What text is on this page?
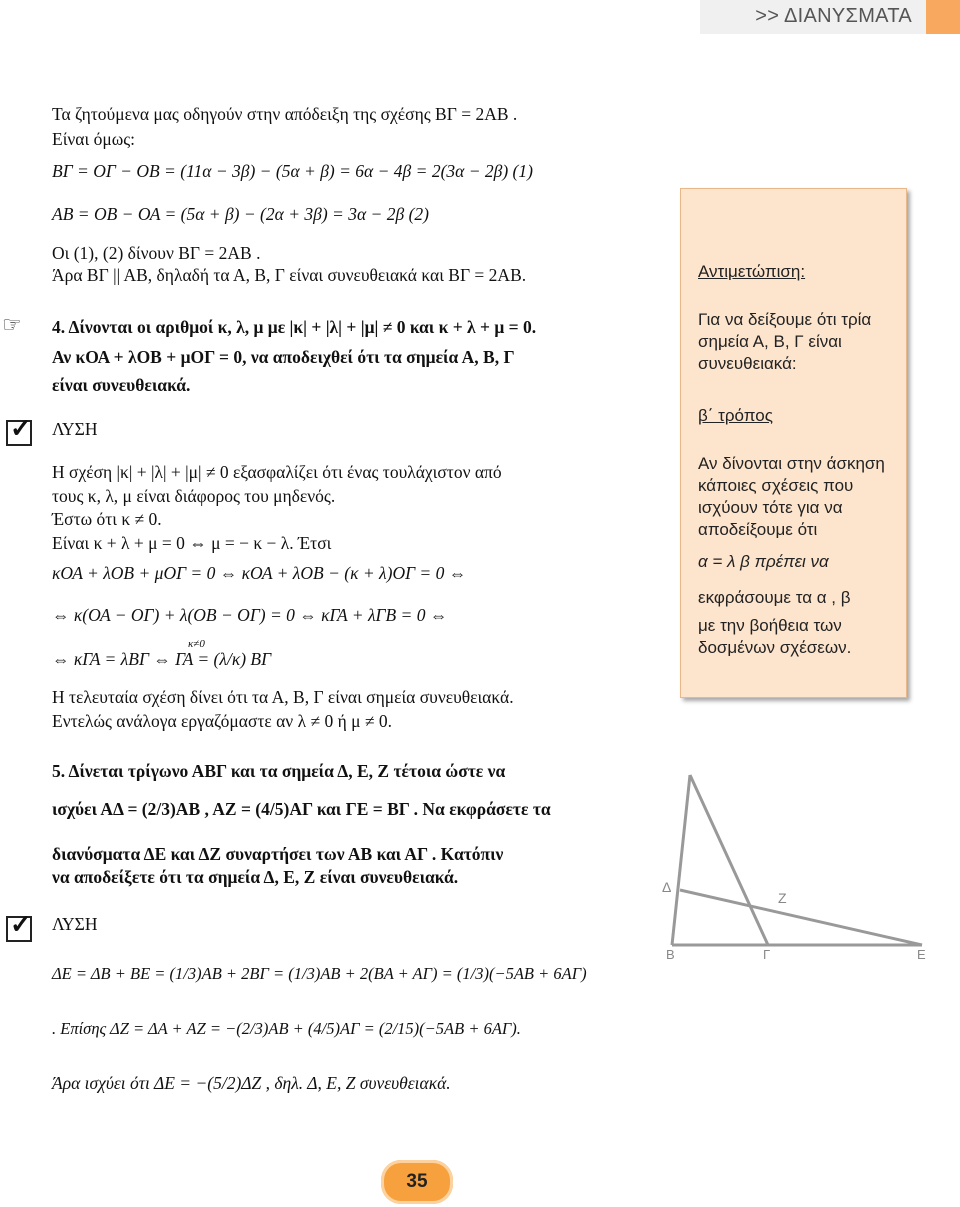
>> ΔΙΑΝΥΣΜΑΤΑ
Τα ζητούμενα μας οδηγούν στην απόδειξη της σχέσης ΒΓ = 2ΑΒ .
Είναι όμως:
ΒΓ = ΟΓ − ΟΒ = (11α − 3β) − (5α + β) = 6α − 4β = 2(3α − 2β) (1)
ΑΒ = ΟΒ − ΟΑ = (5α + β) − (2α + 3β) = 3α − 2β (2)
Οι (1), (2) δίνουν ΒΓ = 2ΑΒ .
Άρα ΒΓ || ΑΒ, δηλαδή τα Α, Β, Γ είναι συνευθειακά και ΒΓ = 2ΑΒ.
☞ 4. Δίνονται οι αριθμοί κ, λ, μ με |κ| + |λ| + |μ| ≠ 0 και κ + λ + μ = 0.
Αν κΟΑ + λΟΒ + μΟΓ = 0, να αποδειχθεί ότι τα σημεία Α, Β, Γ
είναι συνευθειακά.
✓
ΛΥΣΗ
Η σχέση |κ| + |λ| + |μ| ≠ 0 εξασφαλίζει ότι ένας τουλάχιστον από
τους κ, λ, μ είναι διάφορος του μηδενός.
Έστω ότι κ ≠ 0.
Είναι κ + λ + μ = 0 ⇔ μ = − κ − λ. Έτσι
κΟΑ + λΟΒ + μΟΓ = 0 ⇔ κΟΑ + λΟΒ − (κ + λ)ΟΓ = 0 ⇔
⇔ κ(ΟΑ − ΟΓ) + λ(ΟΒ − ΟΓ) = 0 ⇔ κΓΑ + λΓΒ = 0 ⇔
κ≠0
⇔ κΓΑ = λΒΓ ⇔ ΓΑ = (λ/κ) ΒΓ
Η τελευταία σχέση δίνει ότι τα Α, Β, Γ είναι σημεία συνευθειακά.
Εντελώς ανάλογα εργαζόμαστε αν λ ≠ 0 ή μ ≠ 0.
5. Δίνεται τρίγωνο ΑΒΓ και τα σημεία Δ, Ε, Ζ τέτοια ώστε να
ισχύει ΑΔ = (2/3)ΑΒ , ΑΖ = (4/5)ΑΓ και ΓΕ = ΒΓ . Να εκφράσετε τα
διανύσματα ΔΕ και ΔΖ συναρτήσει των ΑΒ και ΑΓ . Κατόπιν
να αποδείξετε ότι τα σημεία Δ, Ε, Ζ είναι συνευθειακά.
✓
ΛΥΣΗ
ΔΕ = ΔΒ + ΒΕ = (1/3)ΑΒ + 2ΒΓ = (1/3)ΑΒ + 2(ΒΑ + ΑΓ) = (1/3)(−5ΑΒ + 6ΑΓ)
. Επίσης ΔΖ = ΔΑ + ΑΖ = −(2/3)ΑΒ + (4/5)ΑΓ = (2/15)(−5ΑΒ + 6ΑΓ).
Άρα ισχύει ότι ΔΕ = −(5/2)ΔΖ , δηλ. Δ, Ε, Ζ συνευθειακά.
Αντιμετώπιση:
Για να δείξουμε ότι τρία σημεία Α, Β, Γ είναι συνευθειακά:
β΄ τρόπος
Αν δίνονται στην άσκηση κάποιες σχέσεις που ισχύουν τότε για να αποδείξουμε ότι
α = λ β πρέπει να
εκφράσουμε τα α , β
με την βοήθεια των δοσμένων σχέσεων.
Δ
Ζ
Β	Γ	Ε
35
